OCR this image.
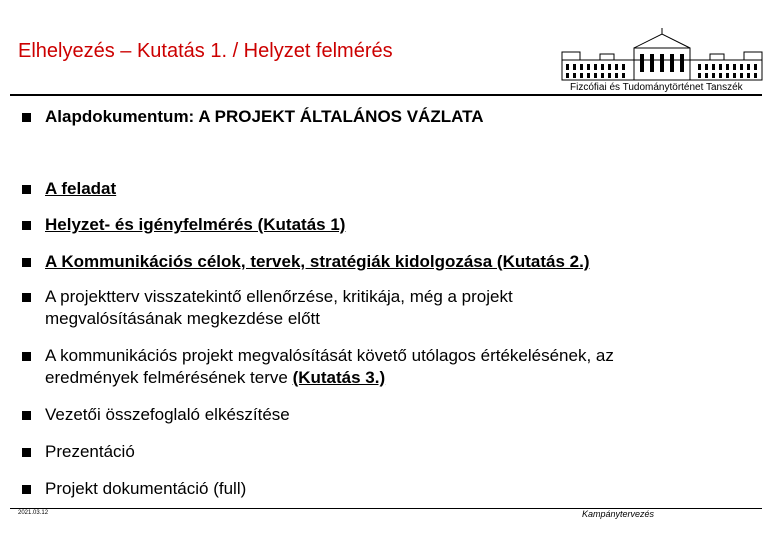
Elhelyezés – Kutatás 1. / Helyzet felmérés
Fizcófiai és Tudománytörténet Tanszék
Alapdokumentum: A PROJEKT ÁLTALÁNOS VÁZLATA
A feladat
Helyzet- és igényfelmérés (Kutatás 1)
A Kommunikációs célok, tervek, stratégiák kidolgozása (Kutatás 2.)
A projektterv visszatekintő ellenőrzése, kritikája, még a projekt
megvalósításának megkezdése előtt
A kommunikációs projekt megvalósítását követő utólagos értékelésének, az
eredmények felmérésének terve (Kutatás 3.)
Vezetői összefoglaló elkészítése
Prezentáció
Projekt dokumentáció (full)
2021.03.12	Kampánytervezés
